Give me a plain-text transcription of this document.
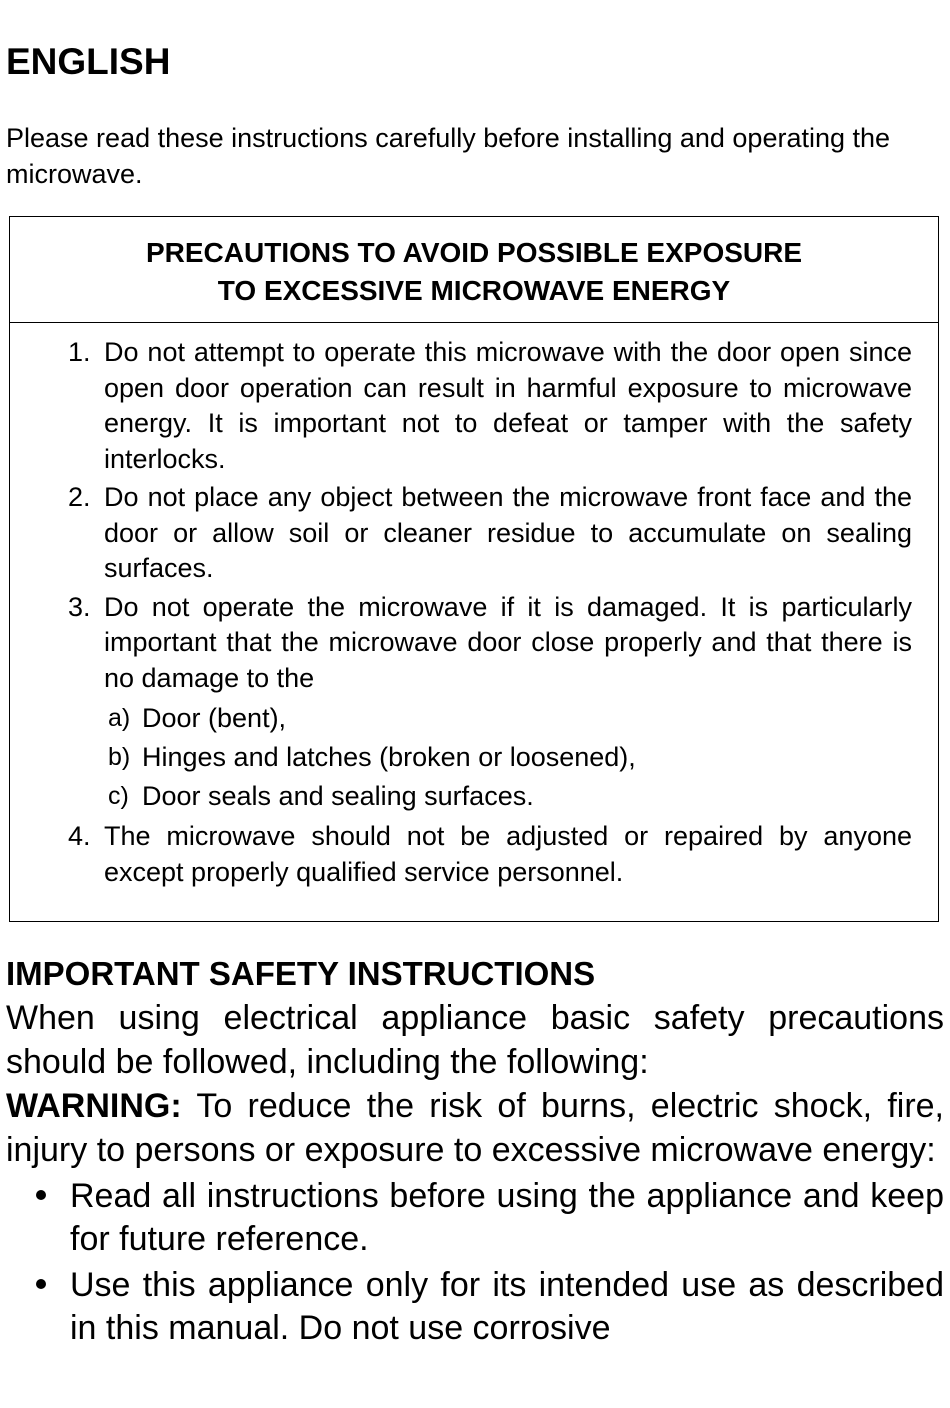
ENGLISH

Please read these instructions carefully before installing and operating the microwave.

PRECAUTIONS TO AVOID POSSIBLE EXPOSURE
TO EXCESSIVE MICROWAVE ENERGY
1. Do not attempt to operate this microwave with the door open since open door operation can result in harmful exposure to microwave energy. It is important not to defeat or tamper with the safety interlocks.
2. Do not place any object between the microwave front face and the door or allow soil or cleaner residue to accumulate on sealing surfaces.
3. Do not operate the microwave if it is damaged. It is particularly important that the microwave door close properly and that there is no damage to the
a) Door (bent),
b) Hinges and latches (broken or loosened),
c) Door seals and sealing surfaces.
4. The microwave should not be adjusted or repaired by anyone except properly qualified service personnel.
IMPORTANT SAFETY INSTRUCTIONS

When using electrical appliance basic safety precautions should be followed, including the following:

WARNING: To reduce the risk of burns, electric shock, fire, injury to persons or exposure to excessive microwave energy:

Read all instructions before using the appliance and keep for future reference.
Use this appliance only for its intended use as described in this manual. Do not use corrosive
